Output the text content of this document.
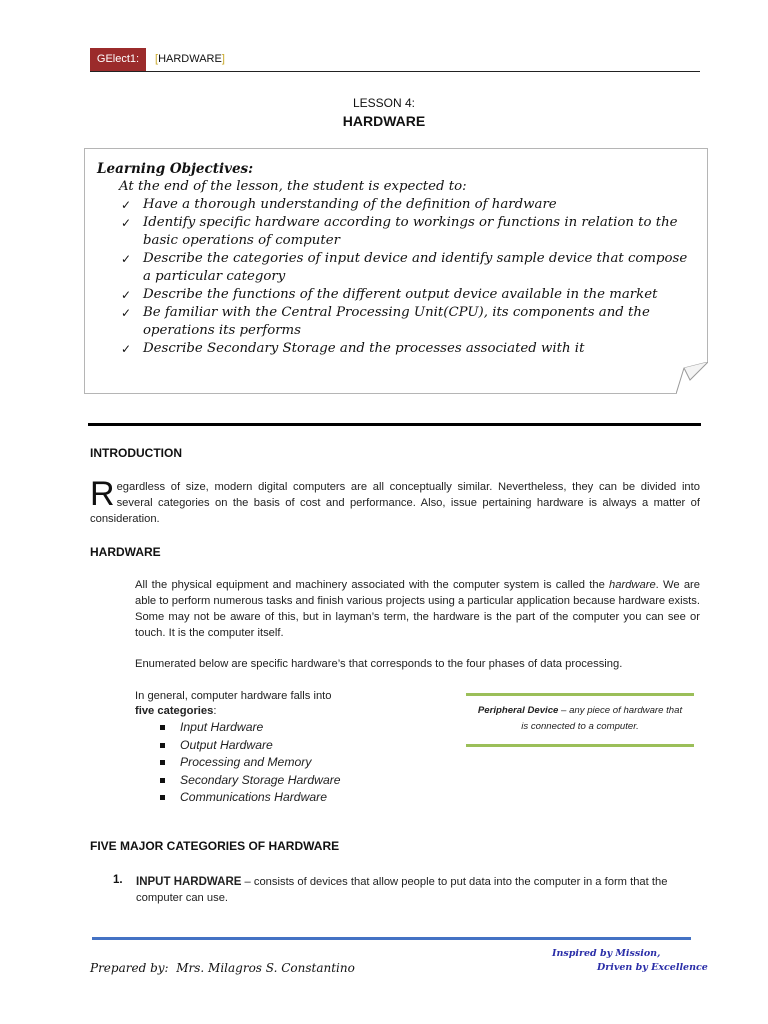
GElect1:	[HARDWARE]
LESSON 4:
HARDWARE
Learning Objectives:
At the end of the lesson, the student is expected to:
✓ Have a thorough understanding of the definition of hardware
✓ Identify specific hardware according to workings or functions in relation to the basic operations of computer
✓ Describe the categories of input device and identify sample device that compose a particular category
✓ Describe the functions of the different output device available in the market
✓ Be familiar with the Central Processing Unit(CPU), its components and the operations its performs
✓ Describe Secondary Storage and the processes associated with it
INTRODUCTION
Regardless of size, modern digital computers are all conceptually similar. Nevertheless, they can be divided into several categories on the basis of cost and performance. Also, issue pertaining hardware is always a matter of consideration.
HARDWARE
All the physical equipment and machinery associated with the computer system is called the hardware. We are able to perform numerous tasks and finish various projects using a particular application because hardware exists. Some may not be aware of this, but in layman’s term, the hardware is the part of the computer you can see or touch. It is the computer itself.
Enumerated below are specific hardware’s that corresponds to the four phases of data processing.
In general, computer hardware falls into
five categories:
Input Hardware
Output Hardware
Processing and Memory
Secondary Storage Hardware
Communications Hardware
Peripheral Device – any piece of hardware that
is connected to a computer.
FIVE MAJOR CATEGORIES OF HARDWARE
1. INPUT HARDWARE – consists of devices that allow people to put data into the computer in a form that the computer can use.
Prepared by: Mrs. Milagros S. Constantino
Inspired by Mission,
Driven by Excellence
